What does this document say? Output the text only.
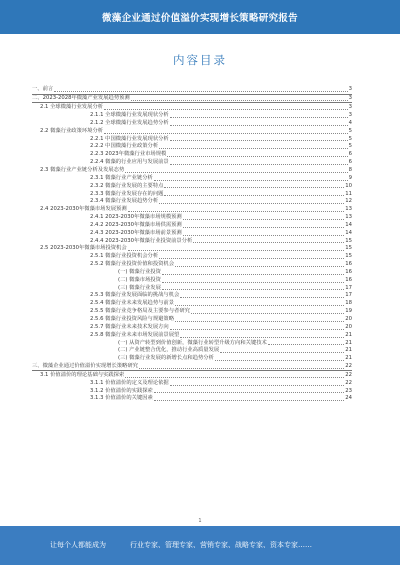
微藻企业通过价值溢价实现增长策略研究报告
内容目录
一、前言	3
二、2023-2028年微藻产业发展趋势预测	3
2.1 全球微藻行业发展分析	3
2.1.1 全球微藻行业发展现状分析	3
2.1.2 全球微藻行业发展趋势分析	4
2.2 微藻行业政策环境分析	5
2.2.1 中国微藻行业发展现状分析	5
2.2.2 中国微藻行业政策分析	5
2.2.3 2023年微藻行业市场规模	6
2.2.4 微藻的行业应用与发展前景	6
2.3 微藻行业产业链分析及发展态势	8
2.3.1 微藻行业产业链分析	9
2.3.2 微藻行业发展的主要特点	10
2.3.3 微藻行业发展存在的问题	11
2.3.4 微藻行业发展趋势分析	12
2.4 2023-2030年微藻市场发展预测	13
2.4.1 2023-2030年微藻市场规模预测	13
2.4.2 2023-2030年微藻市场供需预测	14
2.4.3 2023-2030年微藻市场前景预测	14
2.4.4 2023-2030年微藻行业投资前景分析	15
2.5 2023-2030年微藻市场投资机会	15
2.5.1 微藻行业投资机会分析	15
2.5.2 微藻行业投资价值和投资机会	16
(一) 微藻行业投资	16
(二) 微藻市场投资	16
(三) 微藻行业发展	17
2.5.3 微藻行业发展面临的挑战与机会	17
2.5.4 微藻行业未来发展趋势与前景	18
2.5.5 微藻行业竞争格局及主要参与者研究	19
2.5.6 微藻行业投资风险与规避策略	20
2.5.7 微藻行业未来技术发展方向	20
2.5.8 微藻行业未来市场发展前景展望	21
(一) 从资产转型到价值创新，微藻行业转型升级方向和关键技术	21
(二) 产业链整合优化，推动行业高质量发展	21
(三) 微藻行业发展的新增长点和趋势分析	21
三、微藻企业通过价值溢价实现增长策略研究	22
3.1 价值溢价的理论基础与实践探索	22
3.1.1 价值溢价的定义及理论依据	22
3.1.2 价值溢价的实践探索	23
3.1.3 价值溢价的关键因素	24
1
让每个人都能成为	行业专家、管理专家、营销专家、战略专家、资本专家……
